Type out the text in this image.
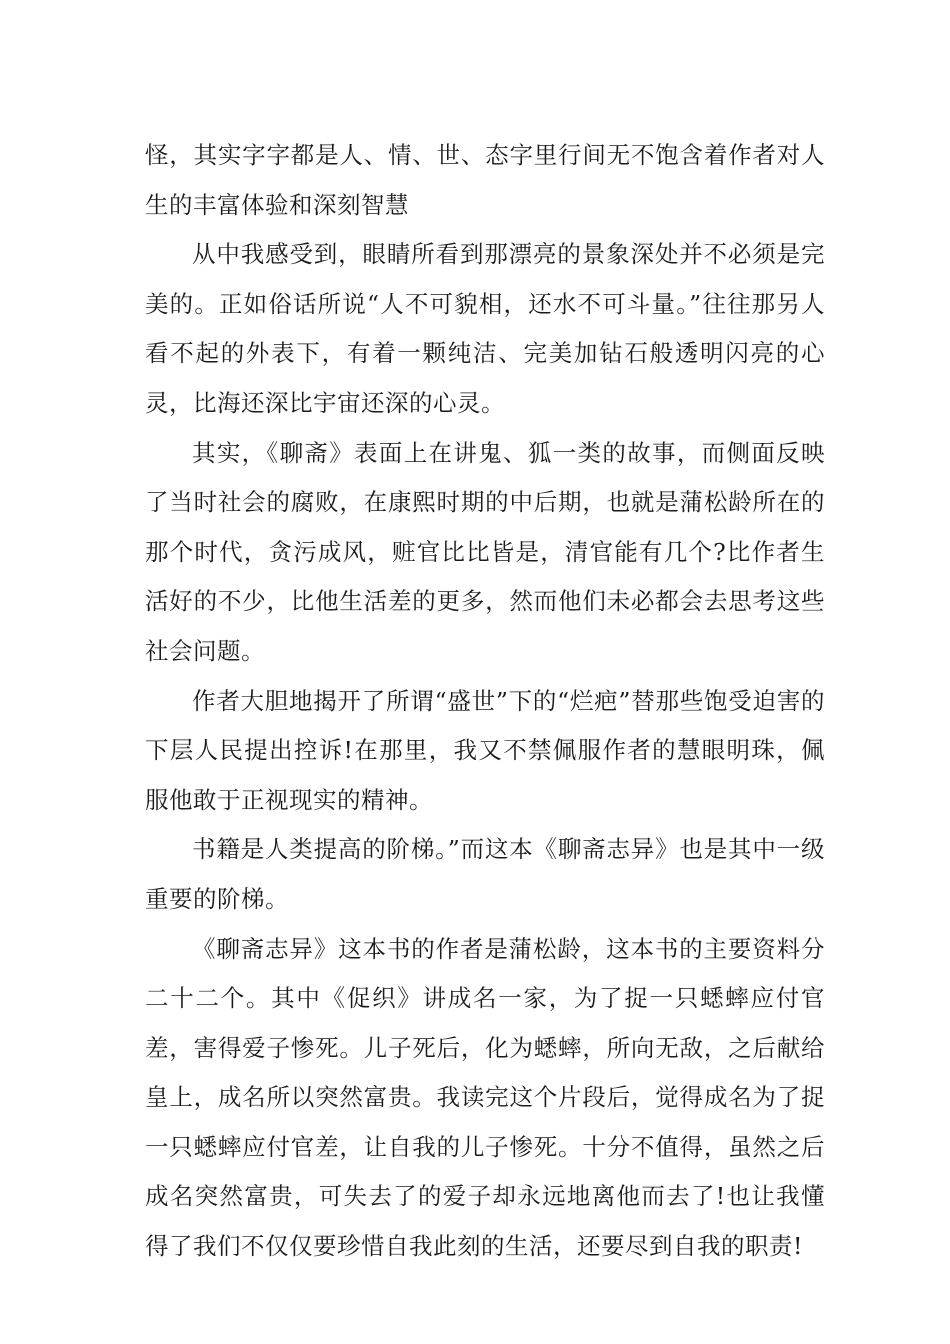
怪，其实字字都是人、情、世、态字里行间无不饱含着作者对人生的丰富体验和深刻智慧

从中我感受到，眼睛所看到那漂亮的景象深处并不必须是完美的。正如俗话所说“人不可貌相，还水不可斗量。”往往那另人看不起的外表下，有着一颗纯洁、完美加钻石般透明闪亮的心灵，比海还深比宇宙还深的心灵。

其实，《聊斋》表面上在讲鬼、狐一类的故事，而侧面反映了当时社会的腐败，在康熙时期的中后期，也就是蒲松龄所在的那个时代，贪污成风，赃官比比皆是，清官能有几个?比作者生活好的不少，比他生活差的更多，然而他们未必都会去思考这些社会问题。

作者大胆地揭开了所谓“盛世”下的“烂疤”替那些饱受迫害的下层人民提出控诉!在那里，我又不禁佩服作者的慧眼明珠，佩服他敢于正视现实的精神。

书籍是人类提高的阶梯。”而这本《聊斋志异》也是其中一级重要的阶梯。

《聊斋志异》这本书的作者是蒲松龄，这本书的主要资料分二十二个。其中《促织》讲成名一家，为了捉一只蟋蟀应付官差，害得爱子惨死。儿子死后，化为蟋蟀，所向无敌，之后献给皇上，成名所以突然富贵。我读完这个片段后，觉得成名为了捉一只蟋蟀应付官差，让自我的儿子惨死。十分不值得，虽然之后成名突然富贵，可失去了的爱子却永远地离他而去了!也让我懂得了我们不仅仅要珍惜自我此刻的生活，还要尽到自我的职责!
